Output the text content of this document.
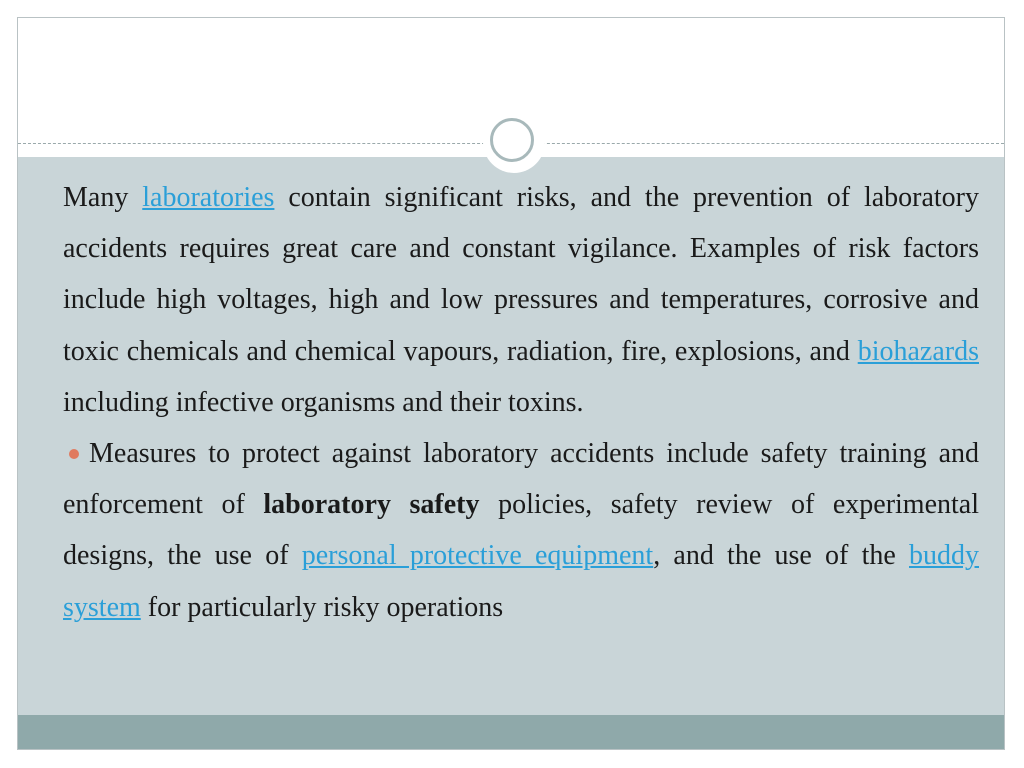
Many laboratories contain significant risks, and the prevention of laboratory accidents requires great care and constant vigilance. Examples of risk factors include high voltages, high and low pressures and temperatures, corrosive and toxic chemicals and chemical vapours, radiation, fire, explosions, and biohazards including infective organisms and their toxins.

Measures to protect against laboratory accidents include safety training and enforcement of laboratory safety policies, safety review of experimental designs, the use of personal protective equipment, and the use of the buddy system for particularly risky operations
